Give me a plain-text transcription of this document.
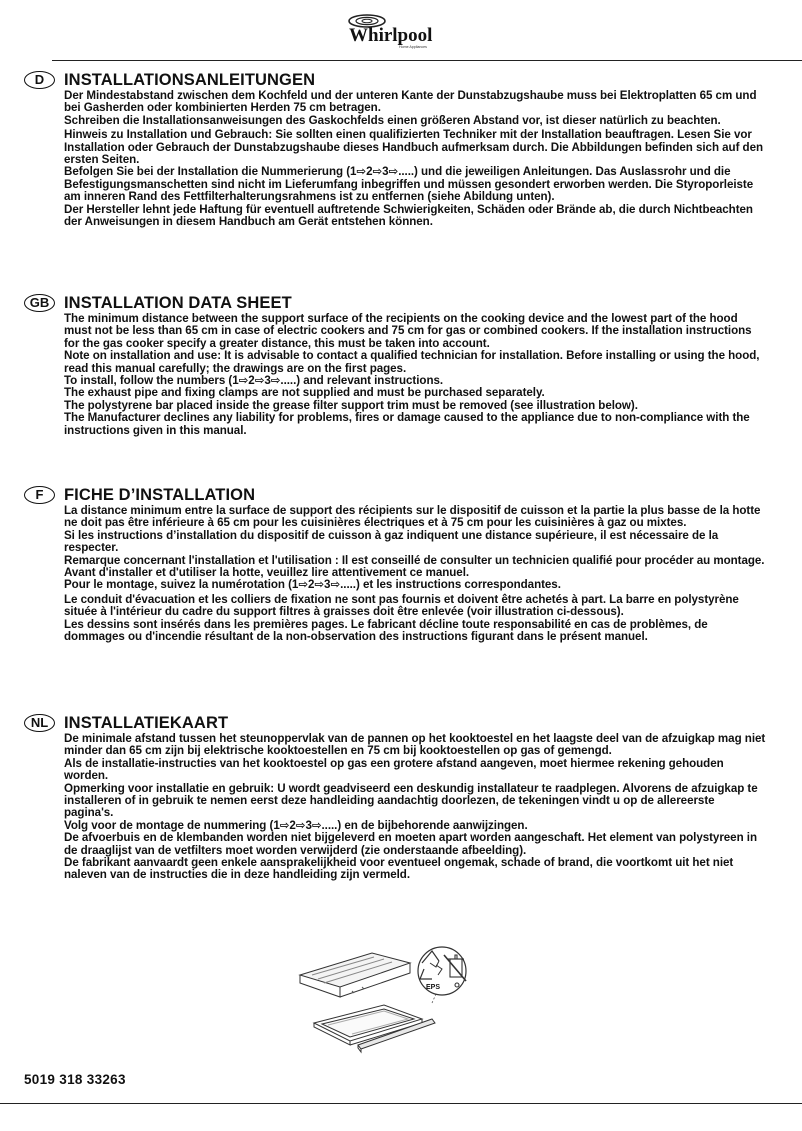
Whirlpool
Home Appliances
D	INSTALLATIONSANLEITUNGEN

Der Mindestabstand zwischen dem Kochfeld und der unteren Kante der Dunstabzugshaube muss bei Elektroplatten 65 cm und bei Gasherden oder kombinierten Herden 75 cm betragen.

Schreiben die Installationsanweisungen des Gaskochfelds einen größeren Abstand vor, ist dieser natürlich zu beachten.

Hinweis zu Installation und Gebrauch: Sie sollten einen qualifizierten Techniker mit der Installation beauftragen. Lesen Sie vor Installation oder Gebrauch der Dunstabzugshaube dieses Handbuch aufmerksam durch. Die Abbildungen befinden sich auf den ersten Seiten.

Befolgen Sie bei der Installation die Nummerierung (1⇨2⇨3⇨.....) und die jeweiligen Anleitungen. Das Auslassrohr und die Befestigungsmanschetten sind nicht im Lieferumfang inbegriffen und müssen gesondert erworben werden. Die Styroporleiste am inneren Rand des Fettfilterhalterungsrahmens ist zu entfernen (siehe Abildung unten).

Der Hersteller lehnt jede Haftung für eventuell auftretende Schwierigkeiten, Schäden oder Brände ab, die durch Nichtbeachten der Anweisungen in diesem Handbuch am Gerät entstehen können.

GB INSTALLATION DATA SHEET

The minimum distance between the support surface of the recipients on the cooking device and the lowest part of the hood must not be less than 65 cm in case of electric cookers and 75 cm for gas or combined cookers. If the installation instructions for the gas cooker specify a greater distance, this must be taken into account.

Note on installation and use: It is advisable to contact a qualified technician for installation. Before installing or using the hood, read this manual carefully; the drawings are on the first pages.

To install, follow the numbers (1⇨2⇨3⇨.....) and relevant instructions.

The exhaust pipe and fixing clamps are not supplied and must be purchased separately.

The polystyrene bar placed inside the grease filter support trim must be removed (see illustration below).

The Manufacturer declines any liability for problems, fires or damage caused to the appliance due to non-compliance with the instructions given in this manual.

F	FICHE D’INSTALLATION

La distance minimum entre la surface de support des récipients sur le dispositif de cuisson et la partie la plus basse de la hotte ne doit pas être inférieure à 65 cm pour les cuisinières électriques et à 75 cm pour les cuisinières à gaz ou mixtes.

Si les instructions d’installation du dispositif de cuisson à gaz indiquent une distance supérieure, il est nécessaire de la respecter.

Remarque concernant l'installation et l'utilisation : Il est conseillé de consulter un technicien qualifié pour procéder au montage. Avant d'installer et d'utiliser la hotte, veuillez lire attentivement ce manuel.

Pour le montage, suivez la numérotation (1⇨2⇨3⇨.....) et les instructions correspondantes.

Le conduit d'évacuation et les colliers de fixation ne sont pas fournis et doivent être achetés à part. La barre en polystyrène située à l'intérieur du cadre du support filtres à graisses doit être enlevée (voir illustration ci-dessous).

Les dessins sont insérés dans les premières pages. Le fabricant décline toute responsabilité en cas de problèmes, de dommages ou d'incendie résultant de la non-observation des instructions figurant dans le présent manuel.

NL INSTALLATIEKAART

De minimale afstand tussen het steunoppervlak van de pannen op het kooktoestel en het laagste deel van de afzuigkap mag niet minder dan 65 cm zijn bij elektrische kooktoestellen en 75 cm bij kooktoestellen op gas of gemengd.

Als de installatie-instructies van het kooktoestel op gas een grotere afstand aangeven, moet hiermee rekening gehouden worden.

Opmerking voor installatie en gebruik: U wordt geadviseerd een deskundig installateur te raadplegen. Alvorens de afzuigkap te installeren of in gebruik te nemen eerst deze handleiding aandachtig doorlezen, de tekeningen vindt u op de allereerste pagina's.

Volg voor de montage de nummering (1⇨2⇨3⇨.....) en de bijbehorende aanwijzingen.

De afvoerbuis en de klembanden worden niet bijgeleverd en moeten apart worden aangeschaft. Het element van polystyreen in de draaglijst van de vetfilters moet worden verwijderd (zie onderstaande afbeelding).

De fabrikant aanvaardt geen enkele aansprakelijkheid voor eventueel ongemak, schade of brand, die voortkomt uit het niet naleven van de instructies die in deze handleiding zijn vermeld.

EPS
5019 318 33263
